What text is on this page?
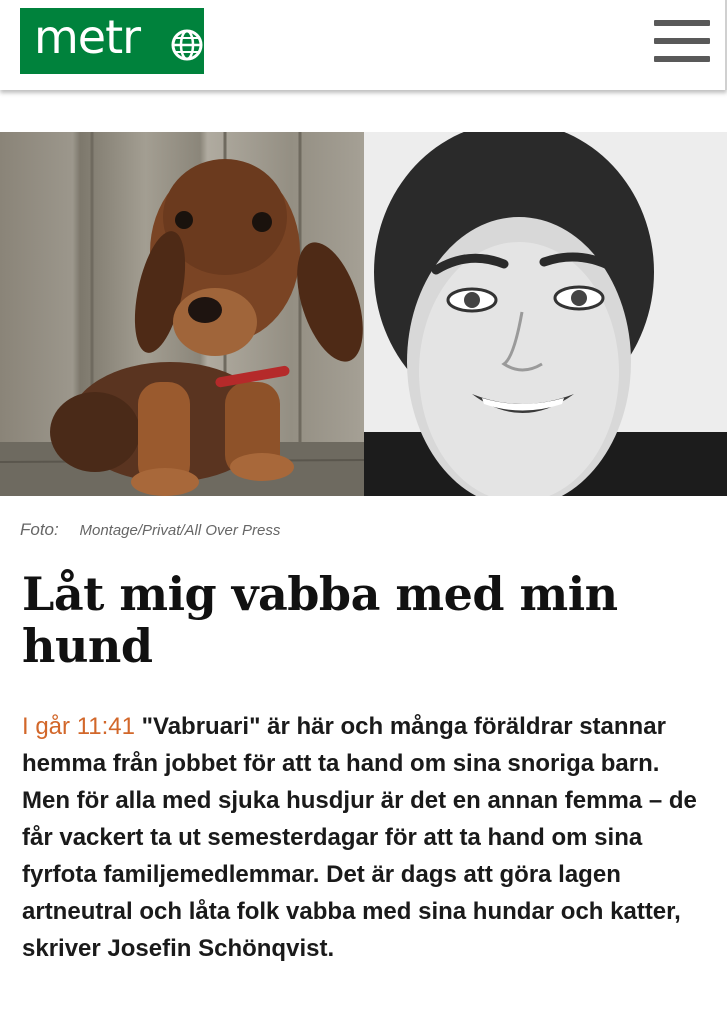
metr
Foto: Montage/Privat/All Over Press
Låt mig vabba med min hund

I går 11:41 "Vabruari" är här och många föräldrar stannar hemma från jobbet för att ta hand om sina snoriga barn. Men för alla med sjuka husdjur är det en annan femma – de får vackert ta ut semesterdagar för att ta hand om sina fyrfota familjemedlemmar. Det är dags att göra lagen artneutral och låta folk vabba med sina hundar och katter, skriver Josefin Schönqvist.
